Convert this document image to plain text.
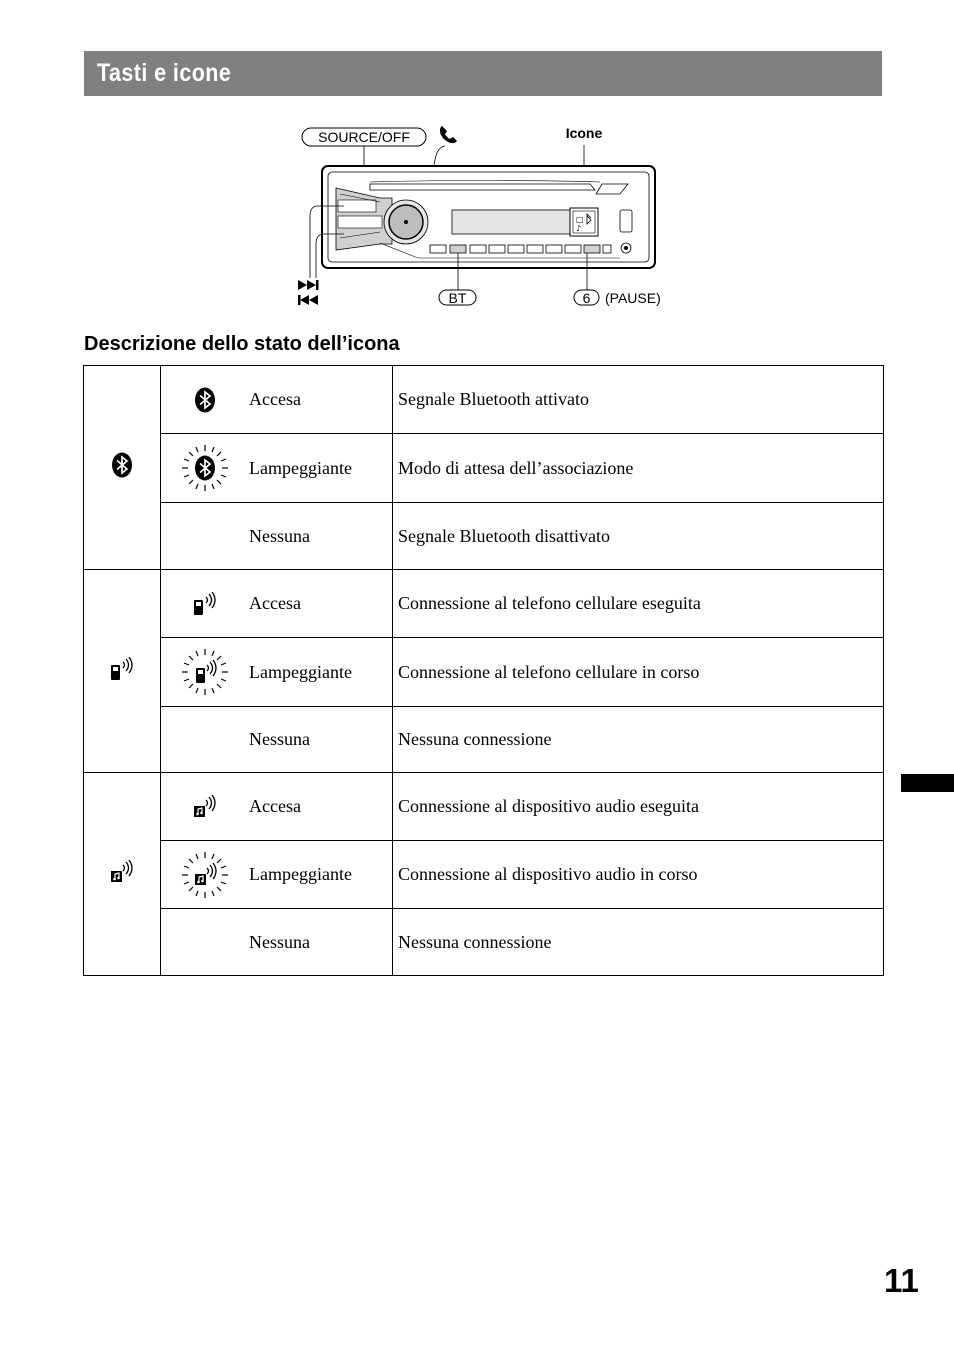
Tasti e icone
SOURCE/OFF	Icone
□
♪
BT	6 (PAUSE)
Descrizione dello stato dell’icona

Accesa	Segnale Bluetooth attivato

	Lampeggiante	Modo di attesa dell’associazione

	Nessuna	Segnale Bluetooth disattivato

Accesa	Connessione al telefono cellulare eseguita

	Lampeggiante	Connessione al telefono cellulare in corso

	Nessuna	Nessuna connessione

Accesa	Connessione al dispositivo audio eseguita

	Lampeggiante	Connessione al dispositivo audio in corso

	Nessuna	Nessuna connessione
11
